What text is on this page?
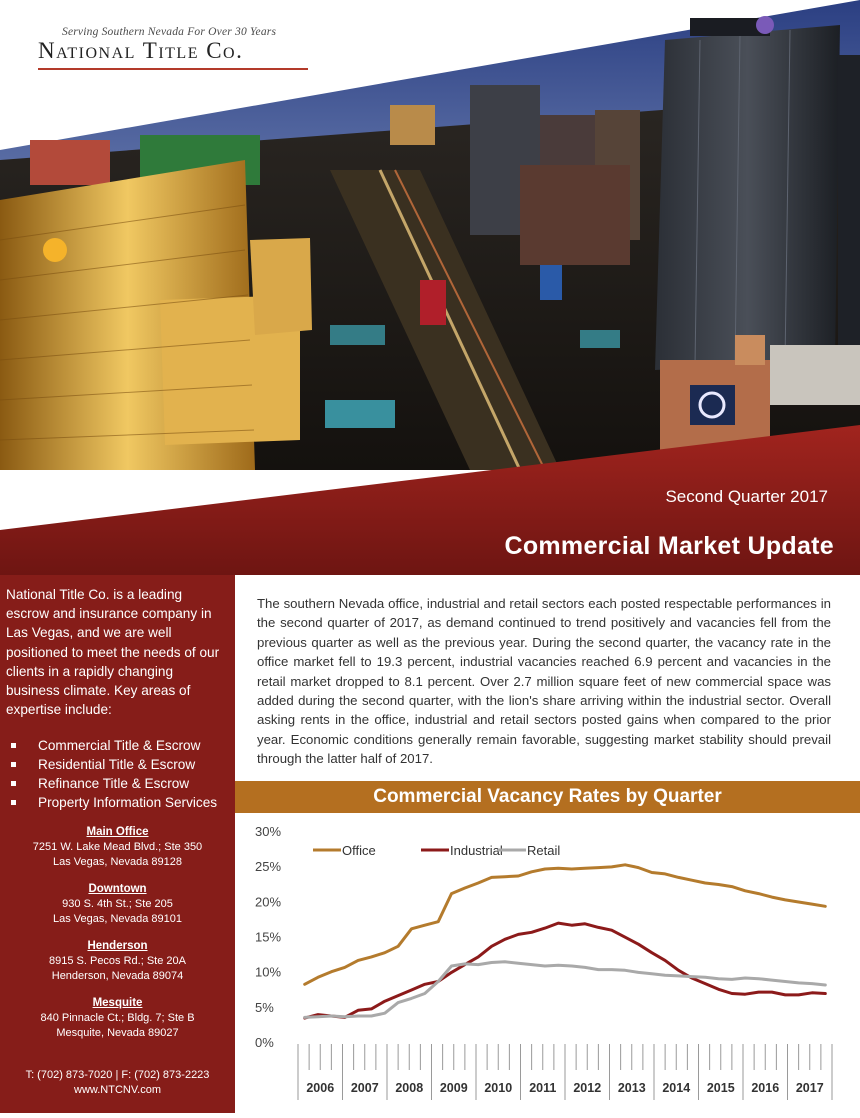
Serving Southern Nevada For Over 30 Years
National Title Co.
Second Quarter 2017
Commercial Market Update
National Title Co. is a leading escrow and insurance company in Las Vegas, and we are well positioned to meet the needs of our clients in a rapidly changing business climate. Key areas of expertise include:
Commercial Title & Escrow
Residential Title & Escrow
Refinance Title & Escrow
Property Information Services
Main Office
7251 W. Lake Mead Blvd.; Ste 350
Las Vegas, Nevada 89128
Downtown
930 S. 4th St.; Ste 205
Las Vegas, Nevada 89101
Henderson
8915 S. Pecos Rd.; Ste 20A
Henderson, Nevada 89074
Mesquite
840 Pinnacle Ct.; Bldg. 7; Ste B
Mesquite, Nevada 89027
T: (702) 873-7020 | F: (702) 873-2223
www.NTCNV.com
The southern Nevada office, industrial and retail sectors each posted respectable performances in the second quarter of 2017, as demand continued to trend positively and vacancies fell from the previous quarter as well as the previous year. During the second quarter, the vacancy rate in the office market fell to 19.3 percent, industrial vacancies reached 6.9 percent and vacancies in the retail market dropped to 8.1 percent. Over 2.7 million square feet of new commercial space was added during the second quarter, with the lion's share arriving within the industrial sector. Overall asking rents in the office, industrial and retail sectors posted gains when compared to the prior year. Economic conditions generally remain favorable, suggesting market stability should prevail through the latter half of 2017.
Commercial Vacancy Rates by Quarter
0%
5%
10%
15%
20%
25%
30%
2006 2007 2008 2009 2010 2011 2012 2013 2014 2015 2016 2017
Office	Industrial Retail
